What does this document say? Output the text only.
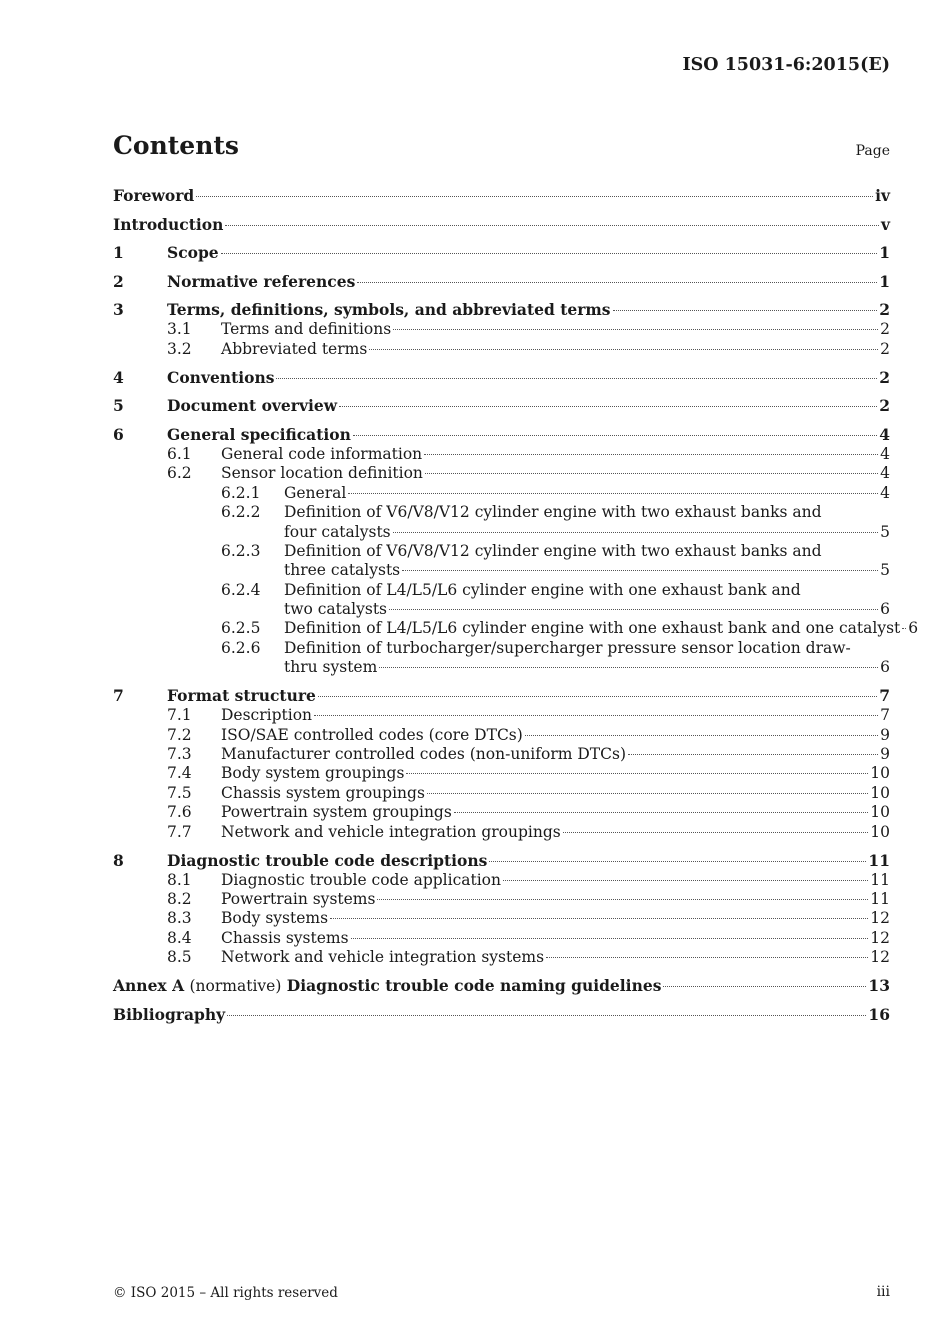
ISO 15031-6:2015(E)
Contents	Page
Foreword	iv
Introduction	v
1	Scope	1
2	Normative references	1
3	Terms, definitions, symbols, and abbreviated terms	2
3.1	Terms and definitions	2
3.2	Abbreviated terms	2
4	Conventions	2
5	Document overview	2
6	General specification	4
6.1	General code information	4
6.2	Sensor location definition	4
6.2.1	General	4
6.2.2	Definition of V6/V8/V12 cylinder engine with two exhaust banks and
four catalysts	5
6.2.3	Definition of V6/V8/V12 cylinder engine with two exhaust banks and
three catalysts	5
6.2.4	Definition of L4/L5/L6 cylinder engine with one exhaust bank and
two catalysts	6
6.2.5	Definition of L4/L5/L6 cylinder engine with one exhaust bank and one catalyst 6
6.2.6	Definition of turbocharger/supercharger pressure sensor location draw-
thru system	6
7	Format structure	7
7.1	Description	7
7.2	ISO/SAE controlled codes (core DTCs)	9
7.3	Manufacturer controlled codes (non-uniform DTCs)	9
7.4	Body system groupings	10
7.5	Chassis system groupings	10
7.6	Powertrain system groupings	10
7.7	Network and vehicle integration groupings	10
8	Diagnostic trouble code descriptions	11
8.1	Diagnostic trouble code application	11
8.2	Powertrain systems	11
8.3	Body systems	12
8.4	Chassis systems	12
8.5	Network and vehicle integration systems	12
Annex A (normative) Diagnostic trouble code naming guidelines	13
Bibliography	16
© ISO 2015 – All rights reserved	iii
